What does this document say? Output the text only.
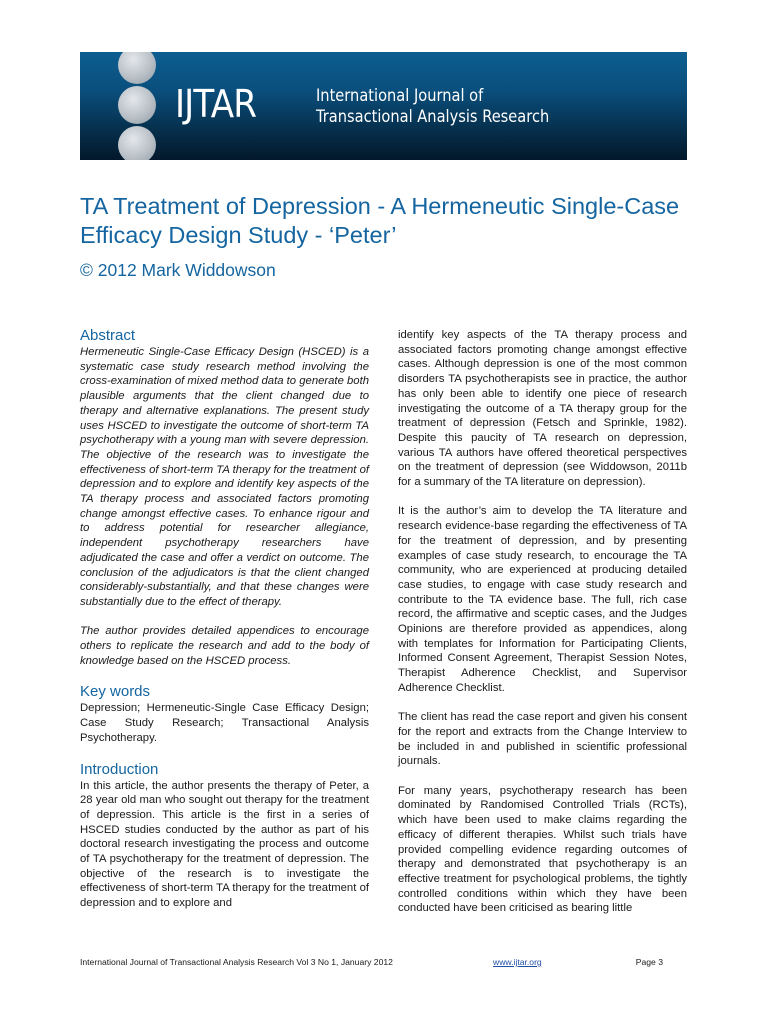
IJTAR	International Journal of
Transactional Analysis Research
TA Treatment of Depression - A Hermeneutic Single-Case Efficacy Design Study - ‘Peter’
© 2012 Mark Widdowson
Abstract

Hermeneutic Single-Case Efficacy Design (HSCED) is a systematic case study research method involving the cross-examination of mixed method data to generate both plausible arguments that the client changed due to therapy and alternative explanations. The present study uses HSCED to investigate the outcome of short-term TA psychotherapy with a young man with severe depression. The objective of the research was to investigate the effectiveness of short-term TA therapy for the treatment of depression and to explore and identify key aspects of the TA therapy process and associated factors promoting change amongst effective cases. To enhance rigour and to address potential for researcher allegiance, independent psychotherapy researchers have adjudicated the case and offer a verdict on outcome. The conclusion of the adjudicators is that the client changed considerably-substantially, and that these changes were substantially due to the effect of therapy.

The author provides detailed appendices to encourage others to replicate the research and add to the body of knowledge based on the HSCED process.

Key words

Depression; Hermeneutic-Single Case Efficacy Design; Case Study Research; Transactional Analysis Psychotherapy.

Introduction

In this article, the author presents the therapy of Peter, a 28 year old man who sought out therapy for the treatment of depression. This article is the first in a series of HSCED studies conducted by the author as part of his doctoral research investigating the process and outcome of TA psychotherapy for the treatment of depression. The objective of the research is to investigate the effectiveness of short-term TA therapy for the treatment of depression and to explore and

identify key aspects of the TA therapy process and associated factors promoting change amongst effective cases. Although depression is one of the most common disorders TA psychotherapists see in practice, the author has only been able to identify one piece of research investigating the outcome of a TA therapy group for the treatment of depression (Fetsch and Sprinkle, 1982). Despite this paucity of TA research on depression, various TA authors have offered theoretical perspectives on the treatment of depression (see Widdowson, 2011b for a summary of the TA literature on depression).

It is the author’s aim to develop the TA literature and research evidence-base regarding the effectiveness of TA for the treatment of depression, and by presenting examples of case study research, to encourage the TA community, who are experienced at producing detailed case studies, to engage with case study research and contribute to the TA evidence base. The full, rich case record, the affirmative and sceptic cases, and the Judges Opinions are therefore provided as appendices, along with templates for Information for Participating Clients, Informed Consent Agreement, Therapist Session Notes, Therapist Adherence Checklist, and Supervisor Adherence Checklist.

The client has read the case report and given his consent for the report and extracts from the Change Interview to be included in and published in scientific professional journals.

For many years, psychotherapy research has been dominated by Randomised Controlled Trials (RCTs), which have been used to make claims regarding the efficacy of different therapies. Whilst such trials have provided compelling evidence regarding outcomes of therapy and demonstrated that psychotherapy is an effective treatment for psychological problems, the tightly controlled conditions within which they have been conducted have been criticised as bearing little

International Journal of Transactional Analysis Research Vol 3 No 1, January 2012	www.ijtar.org	Page 3
